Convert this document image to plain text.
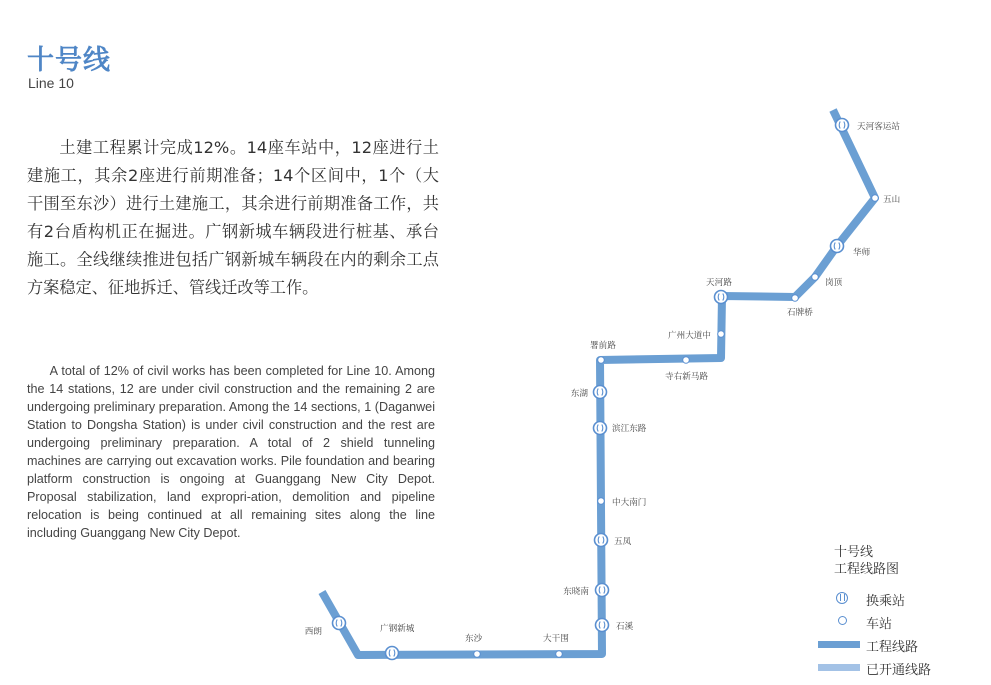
十号线
Line 10

土建工程累计完成12%。14座车站中，12座进行土建施工，其余2座进行前期准备；14个区间中，1个（大干围至东沙）进行土建施工，其余进行前期准备工作，共有2台盾构机正在掘进。广钢新城车辆段进行桩基、承台施工。全线继续推进包括广钢新城车辆段在内的剩余工点方案稳定、征地拆迁、管线迁改等工作。

A total of 12% of civil works has been completed for Line 10. Among the 14 stations, 12 are under civil construction and the remaining 2 are undergoing preliminary preparation. Among the 14 sections, 1 (Daganwei Station to Dongsha Station) is under civil construction and the rest are undergoing preliminary preparation. A total of 2 shield tunneling machines are carrying out excavation works. Pile foundation and bearing platform construction is ongoing at Guanggang New City Depot. Proposal stabilization, land expropri-ation, demolition and pipeline relocation is being continued at all remaining sites along the line including Guanggang New City Depot.

天河客运站
五山
华师
岗顶
石牌桥
天河路
广州大道中
寺右新马路
署前路
东湖
滨江东路
中大南门
五凤
东晓南
石溪
大干围
东沙
广钢新城
西朗
十号线
工程线路图
换乘站
车站
工程线路
已开通线路
